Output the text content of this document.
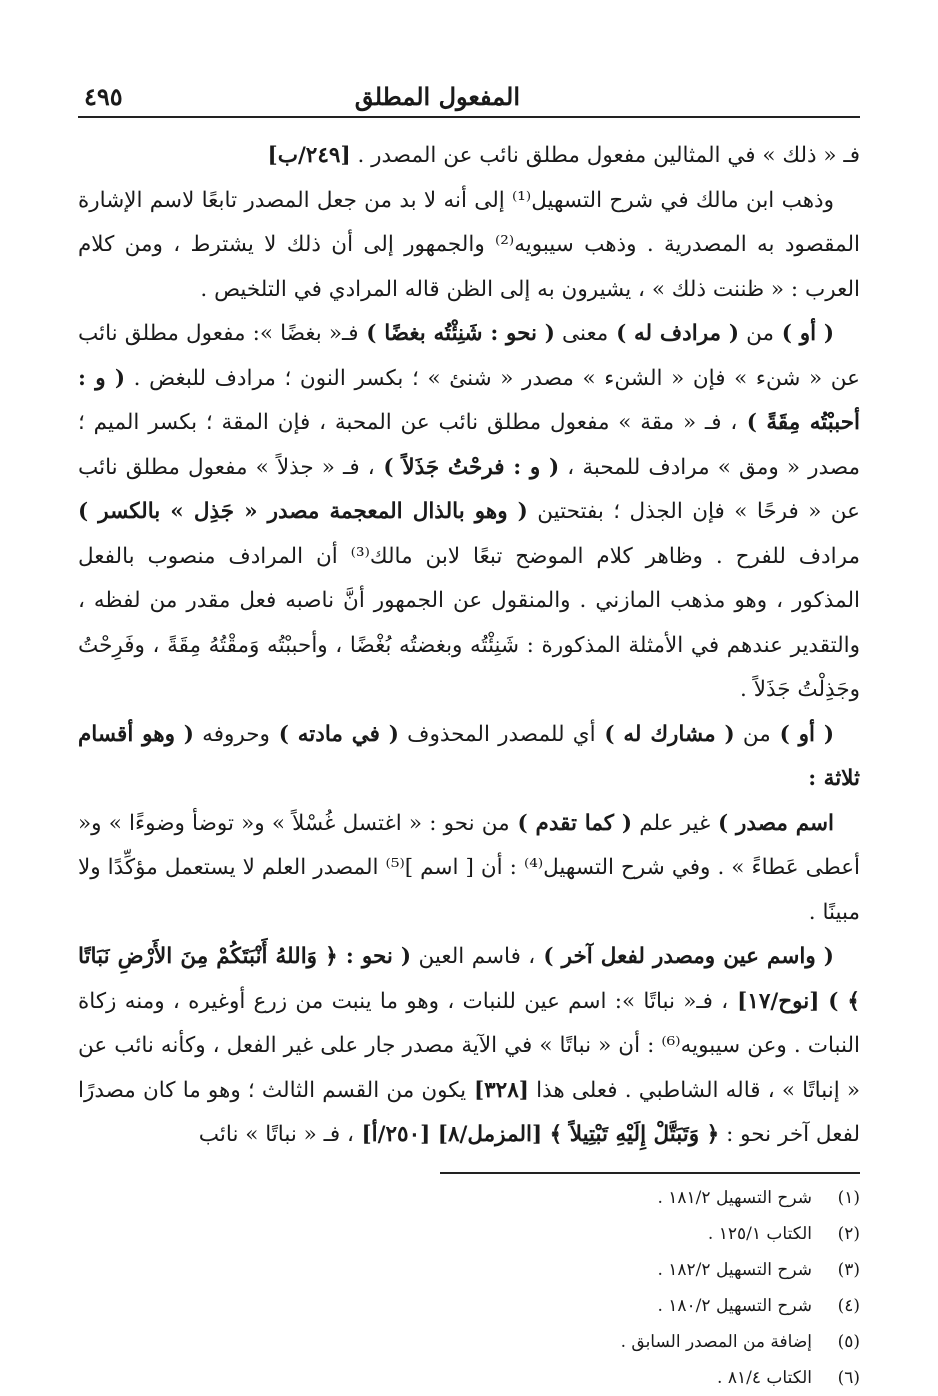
المفعول المطلق
٤٩٥

فـ « ذلك » في المثالين مفعول مطلق نائب عن المصدر . [٢٤٩/ب]

وذهب ابن مالك في شرح التسهيل⁽¹⁾ إلى أنه لا بد من جعل المصدر تابعًا لاسم الإشارة المقصود به المصدرية . وذهب سيبويه⁽²⁾ والجمهور إلى أن ذلك لا يشترط ، ومن كلام العرب : « ظننت ذلك » ، يشيرون به إلى الظن قاله المرادي في التلخيص .

( أو ) من ( مرادف له ) معنى ( نحو : شَنِئْتُه بغضًا ) فـ« بغضًا »: مفعول مطلق نائب عن « شنء » فإن « الشنء » مصدر « شنئ » ؛ بكسر النون ؛ مرادف للبغض . ( و : أحببْتُه مِقَةً ) ، فـ « مقة » مفعول مطلق نائب عن المحبة ، فإن المقة ؛ بكسر الميم ؛ مصدر « ومق » مرادف للمحبة ، ( و : فرحْتُ جَذَلاً ) ، فـ « جذلاً » مفعول مطلق نائب عن « فرحًا » فإن الجذل ؛ بفتحتين ( وهو بالذال المعجمة مصدر « جَذِل » بالكسر ) مرادف للفرح . وظاهر كلام الموضح تبعًا لابن مالك⁽³⁾ أن المرادف منصوب بالفعل المذكور ، وهو مذهب المازني . والمنقول عن الجمهور أنَّ ناصبه فعل مقدر من لفظه ، والتقدير عندهم في الأمثلة المذكورة : شَنِئْتُه وبغضتُه بُغْضًا ، وأحببْتُه وَمقْتُهُ مِقَةً ، وفَرِحْتُ وجَذِلْتُ جَذَلاً .

( أو ) من ( مشارك له ) أي للمصدر المحذوف ( في مادته ) وحروفه ( وهو أقسام ثلاثة :

اسم مصدر ) غير علم ( كما تقدم ) من نحو : « اغتسل غُسْلاً » و« توضأ وضوءًا » و« أعطى عَطاءً » . وفي شرح التسهيل⁽⁴⁾ : أن [ اسم ]⁽⁵⁾ المصدر العلم لا يستعمل مؤكِّدًا ولا مبينًا .

( واسم عين ومصدر لفعل آخر ) ، فاسم العين ( نحو : ﴿ وَاللهُ أَنْبَتَكُمْ مِنَ الأَرْضِ نَبَاتًا ﴾ ) [نوح/١٧] ، فـ« نباتًا »: اسم عين للنبات ، وهو ما ينبت من زرع أوغيره ، ومنه زكاة النبات . وعن سيبويه⁽⁶⁾ : أن « نباتًا » في الآية مصدر جار على غير الفعل ، وكأنه نائب عن « إنباتًا » ، قاله الشاطبي . فعلى هذا [٣٢٨] يكون من القسم الثالث ؛ وهو ما كان مصدرًا لفعل آخر نحو : ﴿ وَتَبَتَّلْ إِلَيْهِ تَبْتِيلاً ﴾ [المزمل/٨] [٢٥٠/أ] ، فـ « نباتًا » نائب

(١)
شرح التسهيل ١٨١/٢ .
(٢)
الكتاب ١٢٥/١ .
(٣)
شرح التسهيل ١٨٢/٢ .
(٤)
شرح التسهيل ١٨٠/٢ .
(٥)
إضافة من المصدر السابق .
(٦)
الكتاب ٨١/٤ .
